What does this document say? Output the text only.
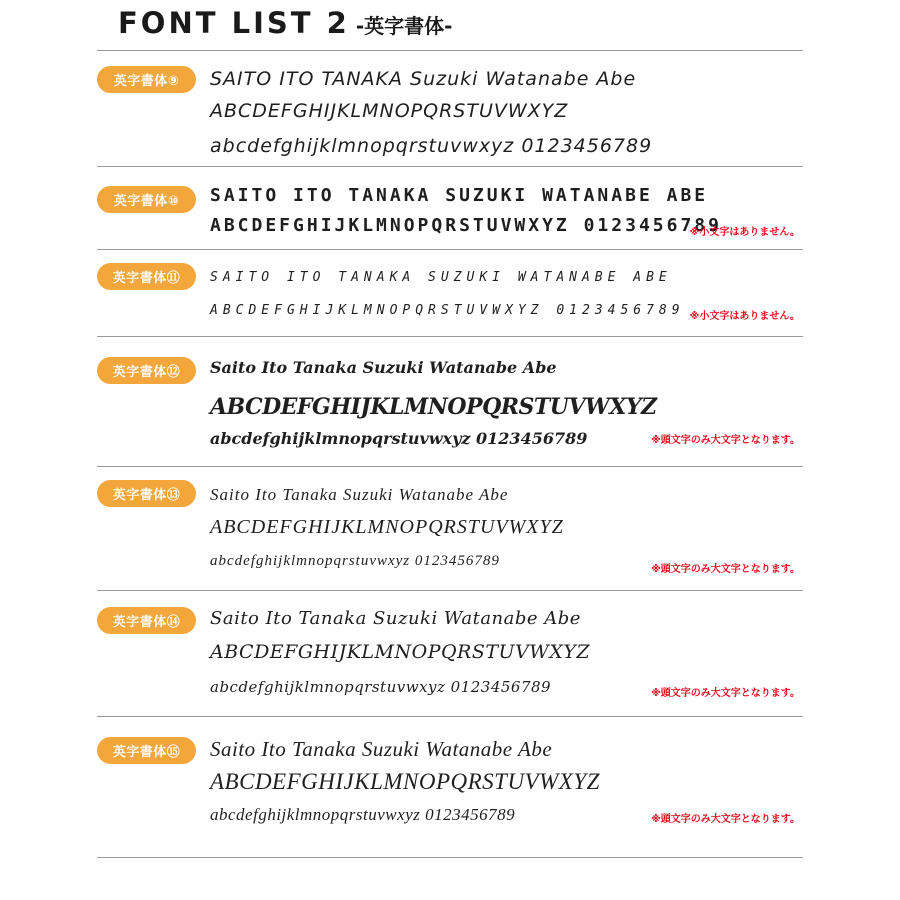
FONT LIST 2 -英字書体-
英字書体⑨	SAITO ITO TANAKA Suzuki Watanabe Abe
ABCDEFGHIJKLMNOPQRSTUVWXYZ
abcdefghijklmnopqrstuvwxyz 0123456789
英字書体⑩	SAITO ITO TANAKA SUZUKI WATANABE ABE
ABCDEFGHIJKLMNOPQRSTUVWXYZ 0123456789
※小文字はありません。
英字書体⑪	SAITO ITO TANAKA SUZUKI WATANABE ABE
ABCDEFGHIJKLMNOPQRSTUVWXYZ 0123456789 ※小文字はありません。
英字書体⑫	Saito Ito Tanaka Suzuki Watanabe Abe
ABCDEFGHIJKLMNOPQRSTUVWXYZ
abcdefghijklmnopqrstuvwxyz 0123456789	※頭文字のみ大文字となります。
英字書体⑬	Saito Ito Tanaka Suzuki Watanabe Abe
ABCDEFGHIJKLMNOPQRSTUVWXYZ
abcdefghijklmnopqrstuvwxyz 0123456789
※頭文字のみ大文字となります。
英字書体⑭	Saito Ito Tanaka Suzuki Watanabe Abe
ABCDEFGHIJKLMNOPQRSTUVWXYZ
abcdefghijklmnopqrstuvwxyz 0123456789	※頭文字のみ大文字となります。
英字書体⑮	Saito Ito Tanaka Suzuki Watanabe Abe
ABCDEFGHIJKLMNOPQRSTUVWXYZ
abcdefghijklmnopqrstuvwxyz 0123456789	※頭文字のみ大文字となります。
